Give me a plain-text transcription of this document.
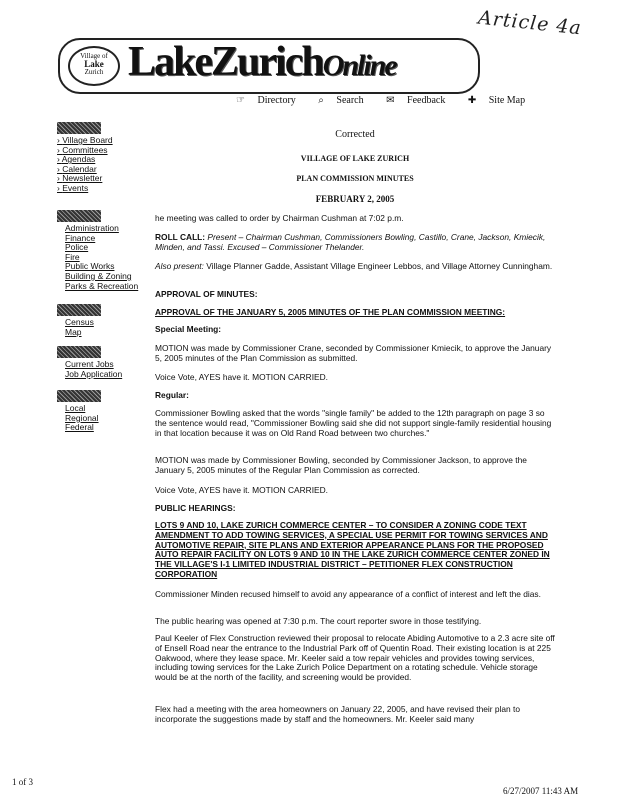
Article 4a
Village of
Lake
Zurich LakeZurichOnline
☞ Directory ⌕ Search ✉ Feedback ✚ Site Map
› Village Board
› Committees
› Agendas
› Calendar
› Newsletter
› Events
Administration
Finance
Police
Fire
Public Works
Building & Zoning
Parks & Recreation
Census
Map
Current Jobs
Job Application
Local
Regional
Federal
Corrected
VILLAGE OF LAKE ZURICH
PLAN COMMISSION MINUTES
FEBRUARY 2, 2005
he meeting was called to order by Chairman Cushman at 7:02 p.m.
ROLL CALL: Present – Chairman Cushman, Commissioners Bowling, Castillo, Crane, Jackson, Kmiecik, Minden, and Tassi. Excused – Commissioner Thelander.
Also present: Village Planner Gadde, Assistant Village Engineer Lebbos, and Village Attorney Cunningham.
APPROVAL OF MINUTES:
APPROVAL OF THE JANUARY 5, 2005 MINUTES OF THE PLAN COMMISSION MEETING:
Special Meeting:
MOTION was made by Commissioner Crane, seconded by Commissioner Kmiecik, to approve the January 5, 2005 minutes of the Plan Commission as submitted.
Voice Vote, AYES have it. MOTION CARRIED.
Regular:
Commissioner Bowling asked that the words "single family" be added to the 12th paragraph on page 3 so the sentence would read, "Commissioner Bowling said she did not support single-family residential housing in that location because it was on Old Rand Road between two churches."
MOTION was made by Commissioner Bowling, seconded by Commissioner Jackson, to approve the January 5, 2005 minutes of the Regular Plan Commission as corrected.
Voice Vote, AYES have it. MOTION CARRIED.
PUBLIC HEARINGS:
LOTS 9 AND 10, LAKE ZURICH COMMERCE CENTER – TO CONSIDER A ZONING CODE TEXT AMENDMENT TO ADD TOWING SERVICES, A SPECIAL USE PERMIT FOR TOWING SERVICES AND AUTOMOTIVE REPAIR, SITE PLANS AND EXTERIOR APPEARANCE PLANS FOR THE PROPOSED AUTO REPAIR FACILITY ON LOTS 9 AND 10 IN THE LAKE ZURICH COMMERCE CENTER ZONED IN THE VILLAGE'S I-1 LIMITED INDUSTRIAL DISTRICT – PETITIONER FLEX CONSTRUCTION CORPORATION
Commissioner Minden recused himself to avoid any appearance of a conflict of interest and left the dias.
The public hearing was opened at 7:30 p.m. The court reporter swore in those testifying.
Paul Keeler of Flex Construction reviewed their proposal to relocate Abiding Automotive to a 2.3 acre site off of Ensell Road near the entrance to the Industrial Park off of Quentin Road. Their existing location is at 225 Oakwood, where they lease space. Mr. Keeler said a tow repair vehicles and provides towing services, including towing services for the Lake Zurich Police Department on a rotating schedule. Vehicle storage would be at the north of the facility, and screening would be provided.
Flex had a meeting with the area homeowners on January 22, 2005, and have revised their plan to incorporate the suggestions made by staff and the homeowners. Mr. Keeler said many
1 of 3
6/27/2007 11:43 AM
